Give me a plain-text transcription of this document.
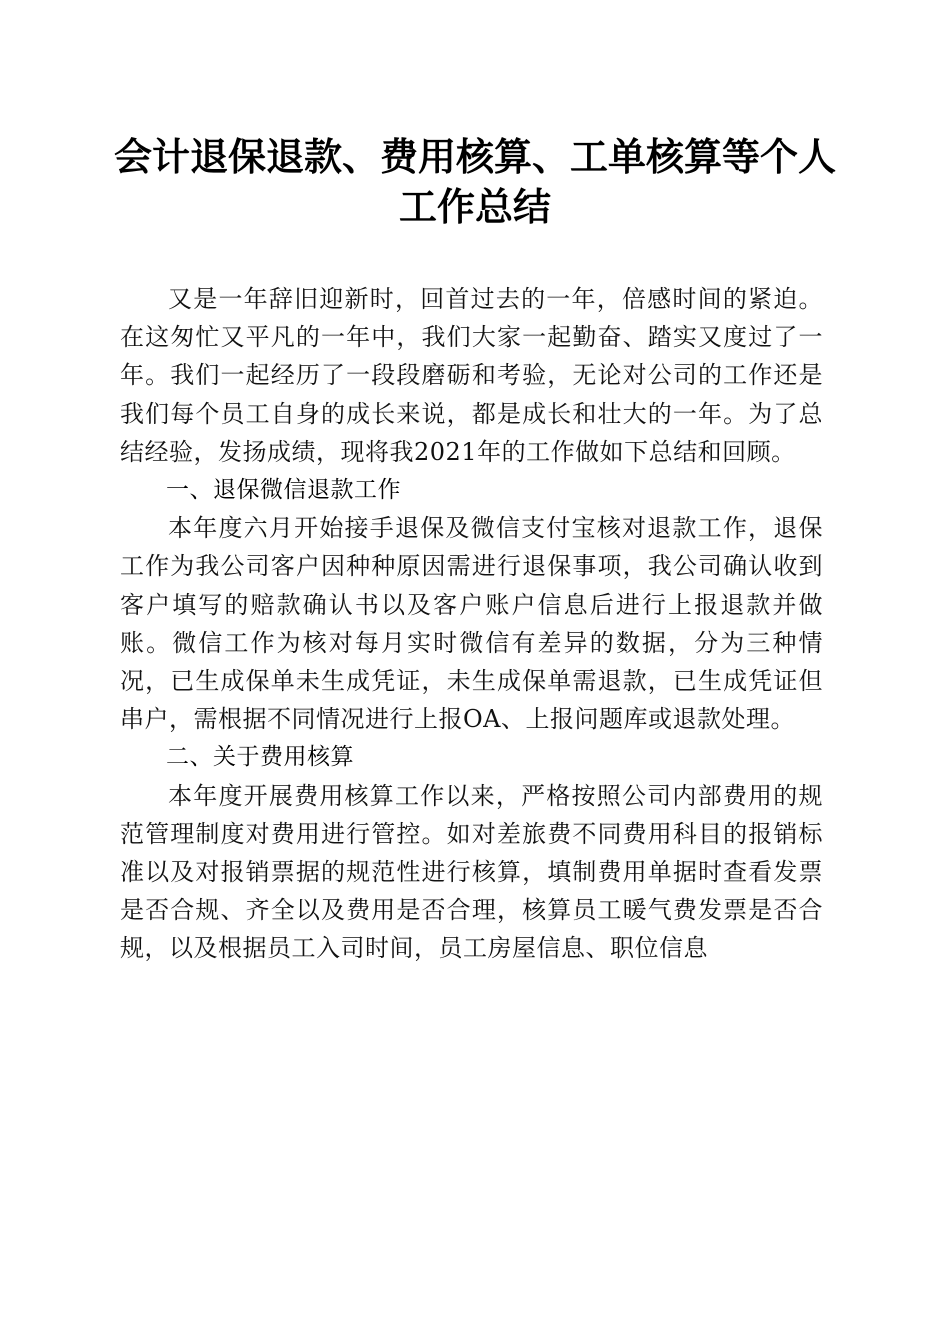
会计退保退款、费用核算、工单核算等个人工作总结

又是一年辞旧迎新时，回首过去的一年，倍感时间的紧迫。在这匆忙又平凡的一年中，我们大家一起勤奋、踏实又度过了一年。我们一起经历了一段段磨砺和考验，无论对公司的工作还是我们每个员工自身的成长来说，都是成长和壮大的一年。为了总结经验，发扬成绩，现将我2021年的工作做如下总结和回顾。

一、退保微信退款工作

本年度六月开始接手退保及微信支付宝核对退款工作，退保工作为我公司客户因种种原因需进行退保事项，我公司确认收到客户填写的赔款确认书以及客户账户信息后进行上报退款并做账。微信工作为核对每月实时微信有差异的数据，分为三种情况，已生成保单未生成凭证，未生成保单需退款，已生成凭证但串户，需根据不同情况进行上报OA、上报问题库或退款处理。

二、关于费用核算

本年度开展费用核算工作以来，严格按照公司内部费用的规范管理制度对费用进行管控。如对差旅费不同费用科目的报销标准以及对报销票据的规范性进行核算，填制费用单据时查看发票是否合规、齐全以及费用是否合理，核算员工暖气费发票是否合规，以及根据员工入司时间，员工房屋信息、职位信息
